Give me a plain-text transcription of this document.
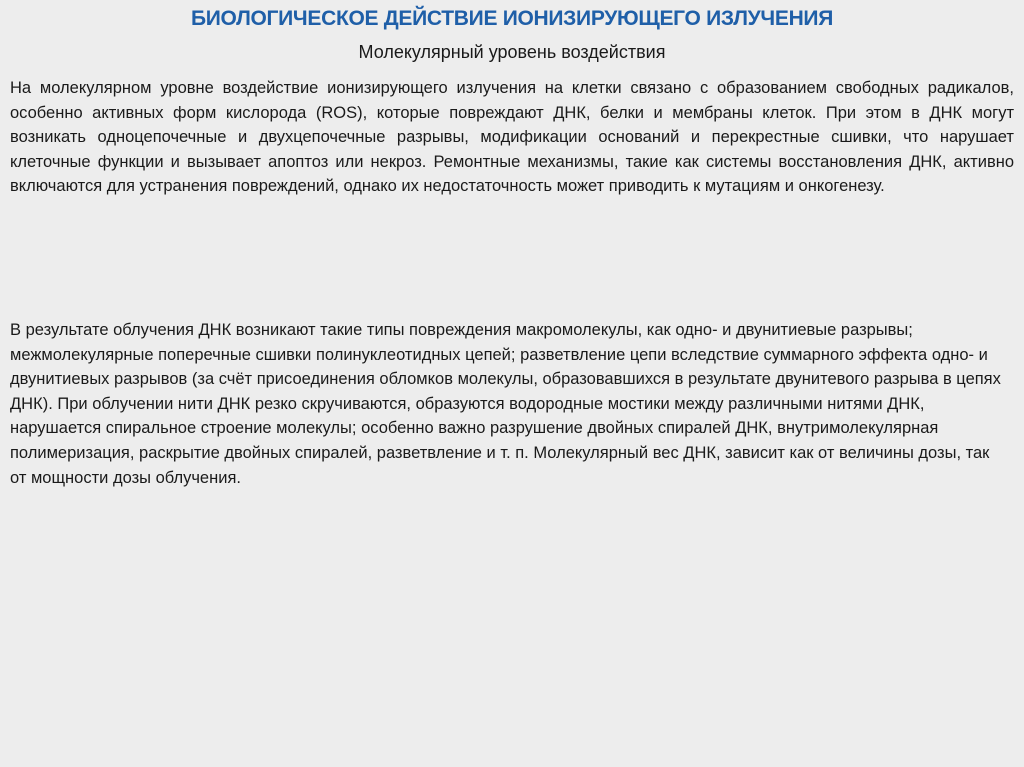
БИОЛОГИЧЕСКОЕ ДЕЙСТВИЕ ИОНИЗИРУЮЩЕГО ИЗЛУЧЕНИЯ
Молекулярный уровень воздействия

На молекулярном уровне воздействие ионизирующего излучения на клетки связано с образованием свободных радикалов, особенно активных форм кислорода (ROS), которые повреждают ДНК, белки и мембраны клеток. При этом в ДНК могут возникать одноцепочечные и двухцепочечные разрывы, модификации оснований и перекрестные сшивки, что нарушает клеточные функции и вызывает апоптоз или некроз. Ремонтные механизмы, такие как системы восстановления ДНК, активно включаются для устранения повреждений, однако их недостаточность может приводить к мутациям и онкогенезу.

В результате облучения ДНК возникают такие типы повреждения макромолекулы, как одно- и двунитиевые разрывы; межмолекулярные поперечные сшивки полинуклеотидных цепей; разветвление цепи вследствие суммарного эффекта одно- и двунитиевых разрывов (за счёт присоединения обломков молекулы, образовавшихся в результате двунитевого разрыва в цепях ДНК). При облучении нити ДНК резко скручиваются, образуются водородные мостики между различными нитями ДНК, нарушается спиральное строение молекулы; особенно важно разрушение двойных спиралей ДНК, внутримолекулярная полимеризация, раскрытие двойных спиралей, разветвление и т. п. Молекулярный вес ДНК, зависит как от величины дозы, так от мощности дозы облучения.
